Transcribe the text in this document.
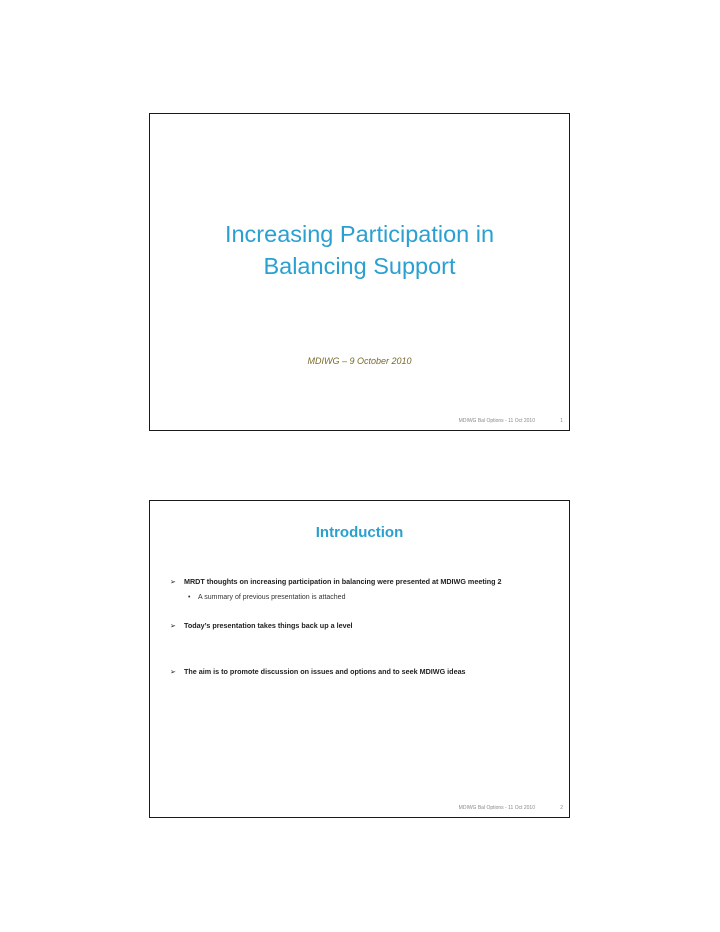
Increasing Participation in
Balancing Support
MDIWG – 9 October 2010
MDIWG Bal Options - 11 Oct 2010	1
Introduction
➢	MRDT thoughts on increasing participation in balancing were presented at MDIWG meeting 2
•	A summary of previous presentation is attached
➢	Today’s presentation takes things back up a level
➢	The aim is to promote discussion on issues and options and to seek MDIWG ideas
MDIWG Bal Options - 11 Oct 2010	2
